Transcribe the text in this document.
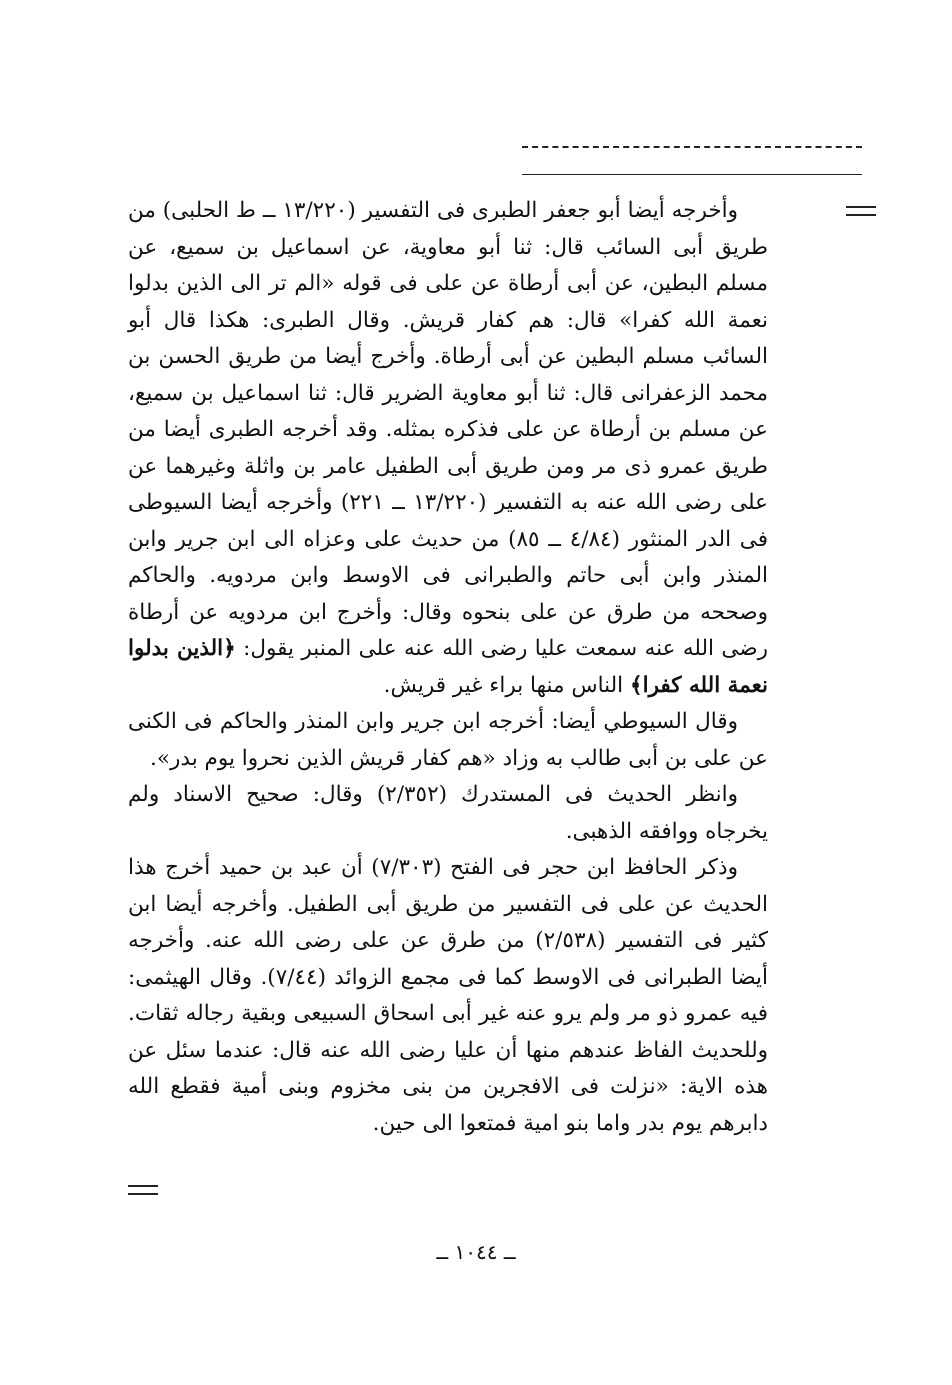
وأخرجه أيضا أبو جعفر الطبرى فى التفسير (١٣/٢٢٠ ــ ط الحلبى) من طريق أبى السائب قال: ثنا أبو معاوية، عن اسماعيل بن سميع، عن مسلم البطين، عن أبى أرطاة عن على فى قوله «الم تر الى الذين بدلوا نعمة الله كفرا» قال: هم كفار قريش. وقال الطبرى: هكذا قال أبو السائب مسلم البطين عن أبى أرطاة. وأخرج أيضا من طريق الحسن بن محمد الزعفرانى قال: ثنا أبو معاوية الضرير قال: ثنا اسماعيل بن سميع، عن مسلم بن أرطاة عن على فذكره بمثله. وقد أخرجه الطبرى أيضا من طريق عمرو ذى مر ومن طريق أبى الطفيل عامر بن واثلة وغيرهما عن على رضى الله عنه به التفسير (١٣/٢٢٠ ــ ٢٢١) وأخرجه أيضا السيوطى فى الدر المنثور (٤/٨٤ ــ ٨٥) من حديث على وعزاه الى ابن جرير وابن المنذر وابن أبى حاتم والطبرانى فى الاوسط وابن مردويه. والحاكم وصححه من طرق عن على بنحوه وقال: وأخرج ابن مردويه عن أرطاة رضى الله عنه سمعت عليا رضى الله عنه على المنبر يقول: ﴿الذين بدلوا نعمة الله كفرا﴾ الناس منها براء غير قريش.

وقال السيوطي أيضا: أخرجه ابن جرير وابن المنذر والحاكم فى الكنى عن على بن أبى طالب به وزاد «هم كفار قريش الذين نحروا يوم بدر».

وانظر الحديث فى المستدرك (٢/٣٥٢) وقال: صحيح الاسناد ولم يخرجاه ووافقه الذهبى.

وذكر الحافظ ابن حجر فى الفتح (٧/٣٠٣) أن عبد بن حميد أخرج هذا الحديث عن على فى التفسير من طريق أبى الطفيل. وأخرجه أيضا ابن كثير فى التفسير (٢/٥٣٨) من طرق عن على رضى الله عنه. وأخرجه أيضا الطبرانى فى الاوسط كما فى مجمع الزوائد (٧/٤٤). وقال الهيثمى: فيه عمرو ذو مر ولم يرو عنه غير أبى اسحاق السبيعى وبقية رجاله ثقات. وللحديث الفاظ عندهم منها أن عليا رضى الله عنه قال: عندما سئل عن هذه الاية: «نزلت فى الافجرين من بنى مخزوم وبنى أمية فقطع الله دابرهم يوم بدر واما بنو امية فمتعوا الى حين.

ــ ١٠٤٤ ــ
